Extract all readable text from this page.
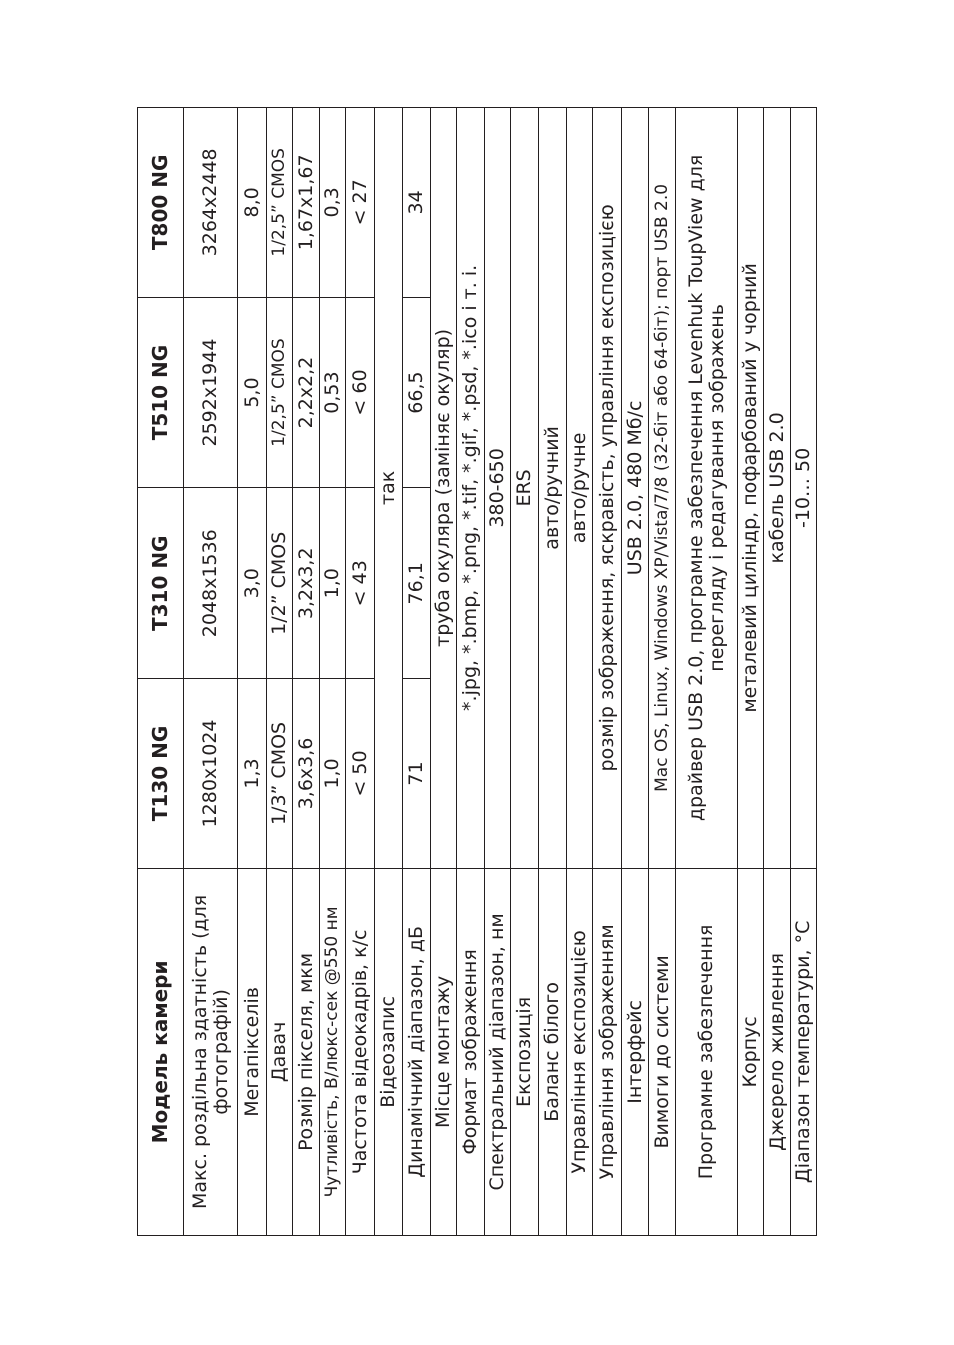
Модель камери	T130 NG	T310 NG	T510 NG	T800 NG
Макс. роздільна здатність (для фотографій)	1280x1024	2048x1536	2592x1944	3264x2448
Мегапікселів	1,3	3,0	5,0	8,0
Давач	1/3” CMOS	1/2” CMOS	1/2,5” CMOS	1/2,5” CMOS
Розмір пікселя, мкм	3,6x3,6	3,2x3,2	2,2x2,2	1,67x1,67
Чутливість, В/люкс-сек @550 нм	1,0	1,0	0,53	0,3
Частота відеокадрів, к/с	< 50	< 43	< 60	< 27
Відеозапис	так			
Динамічний діапазон, дБ	71	76,1	66,5	34
Місце монтажу	труба окуляра (заміняє окуляр)			
Формат зображення	*.jpg, *.bmp, *.png, *.tif, *.gif, *.psd, *.ico і т. і.			
Спектральний діапазон, нм	380-650			
Експозиція	ERS			
Баланс білого	авто/ручний			
Управління експозицією	авто/ручне			
Управління зображенням	розмір зображення, яскравість, управління експозицією			
Інтерфейс	USB 2.0, 480 Мб/с			
Вимоги до системи	Mac OS, Linux, Windows XP/Vista/7/8 (32-біт або 64-біт); порт USB 2.0			
Програмне забезпечення	драйвер USB 2.0, програмне забезпечення Levenhuk ToupView для перегляду і редагування зображень			
Корпус	металевий циліндр, пофарбований у чорний			
Джерело живлення	кабель USB 2.0			
Діапазон температури, °C	-10… 50			
